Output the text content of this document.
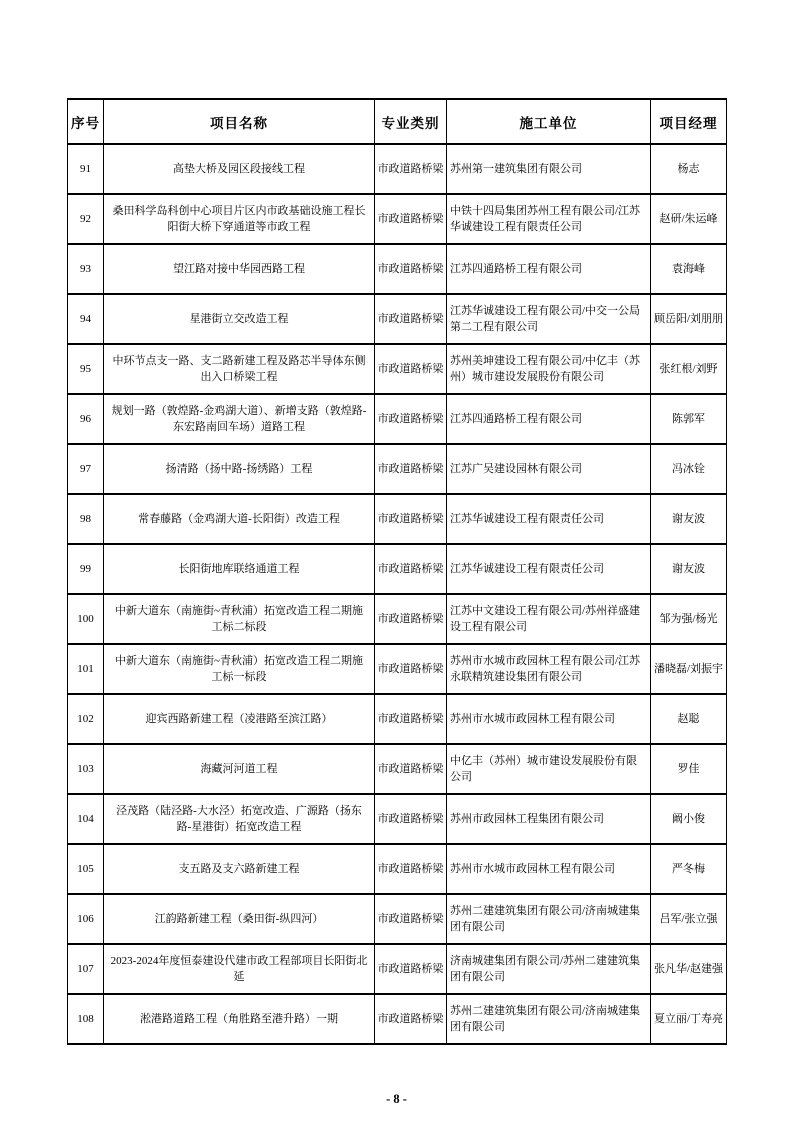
序号	项目名称	专业类别	施工单位	项目经理
91	高垫大桥及园区段接线工程	市政道路桥梁	苏州第一建筑集团有限公司	杨志
92	桑田科学岛科创中心项目片区内市政基础设施工程长阳街大桥下穿通道等市政工程	市政道路桥梁	中铁十四局集团苏州工程有限公司/江苏华诚建设工程有限责任公司	赵研/朱运峰
93	望江路对接中华园西路工程	市政道路桥梁	江苏四通路桥工程有限公司	袁海峰
94	星港街立交改造工程	市政道路桥梁	江苏华诚建设工程有限公司/中交一公局第二工程有限公司	顾岳阳/刘朋朋
95	中环节点支一路、支二路新建工程及路芯半导体东侧出入口桥梁工程	市政道路桥梁	苏州美坤建设工程有限公司/中亿丰（苏州）城市建设发展股份有限公司	张红根/刘野
96	规划一路（敦煌路-金鸡湖大道）、新增支路（敦煌路-东宏路南回车场）道路工程	市政道路桥梁	江苏四通路桥工程有限公司	陈郭军
97	扬清路（扬中路-扬绣路）工程	市政道路桥梁	江苏广吴建设园林有限公司	冯冰铨
98	常春藤路（金鸡湖大道-长阳街）改造工程	市政道路桥梁	江苏华诚建设工程有限责任公司	谢友波
99	长阳街地库联络通道工程	市政道路桥梁	江苏华诚建设工程有限责任公司	谢友波
100	中新大道东（南施街~青秋浦）拓宽改造工程二期施工标二标段	市政道路桥梁	江苏中文建设工程有限公司/苏州祥盛建设工程有限公司	邹为强/杨光
101	中新大道东（南施街~青秋浦）拓宽改造工程二期施工标一标段	市政道路桥梁	苏州市水城市政园林工程有限公司/江苏永联精筑建设集团有限公司	潘晓磊/刘振宇
102	迎宾西路新建工程（凌港路至滨江路）	市政道路桥梁	苏州市水城市政园林工程有限公司	赵聪
103	海藏河河道工程	市政道路桥梁	中亿丰（苏州）城市建设发展股份有限公司	罗佳
104	泾茂路（陆泾路-大水泾）拓宽改造、广源路（扬东路-星港街）拓宽改造工程	市政道路桥梁	苏州市政园林工程集团有限公司	阚小俊
105	支五路及支六路新建工程	市政道路桥梁	苏州市水城市政园林工程有限公司	严冬梅
106	江韵路新建工程（桑田街-纵四河）	市政道路桥梁	苏州二建建筑集团有限公司/济南城建集团有限公司	吕军/张立强
107	2023-2024年度恒泰建设代建市政工程部项目长阳街北延	市政道路桥梁	济南城建集团有限公司/苏州二建建筑集团有限公司	张凡华/赵建强
108	淞港路道路工程（角胜路至港升路）一期	市政道路桥梁	苏州二建建筑集团有限公司/济南城建集团有限公司	夏立丽/丁寿亮
- 8 -
